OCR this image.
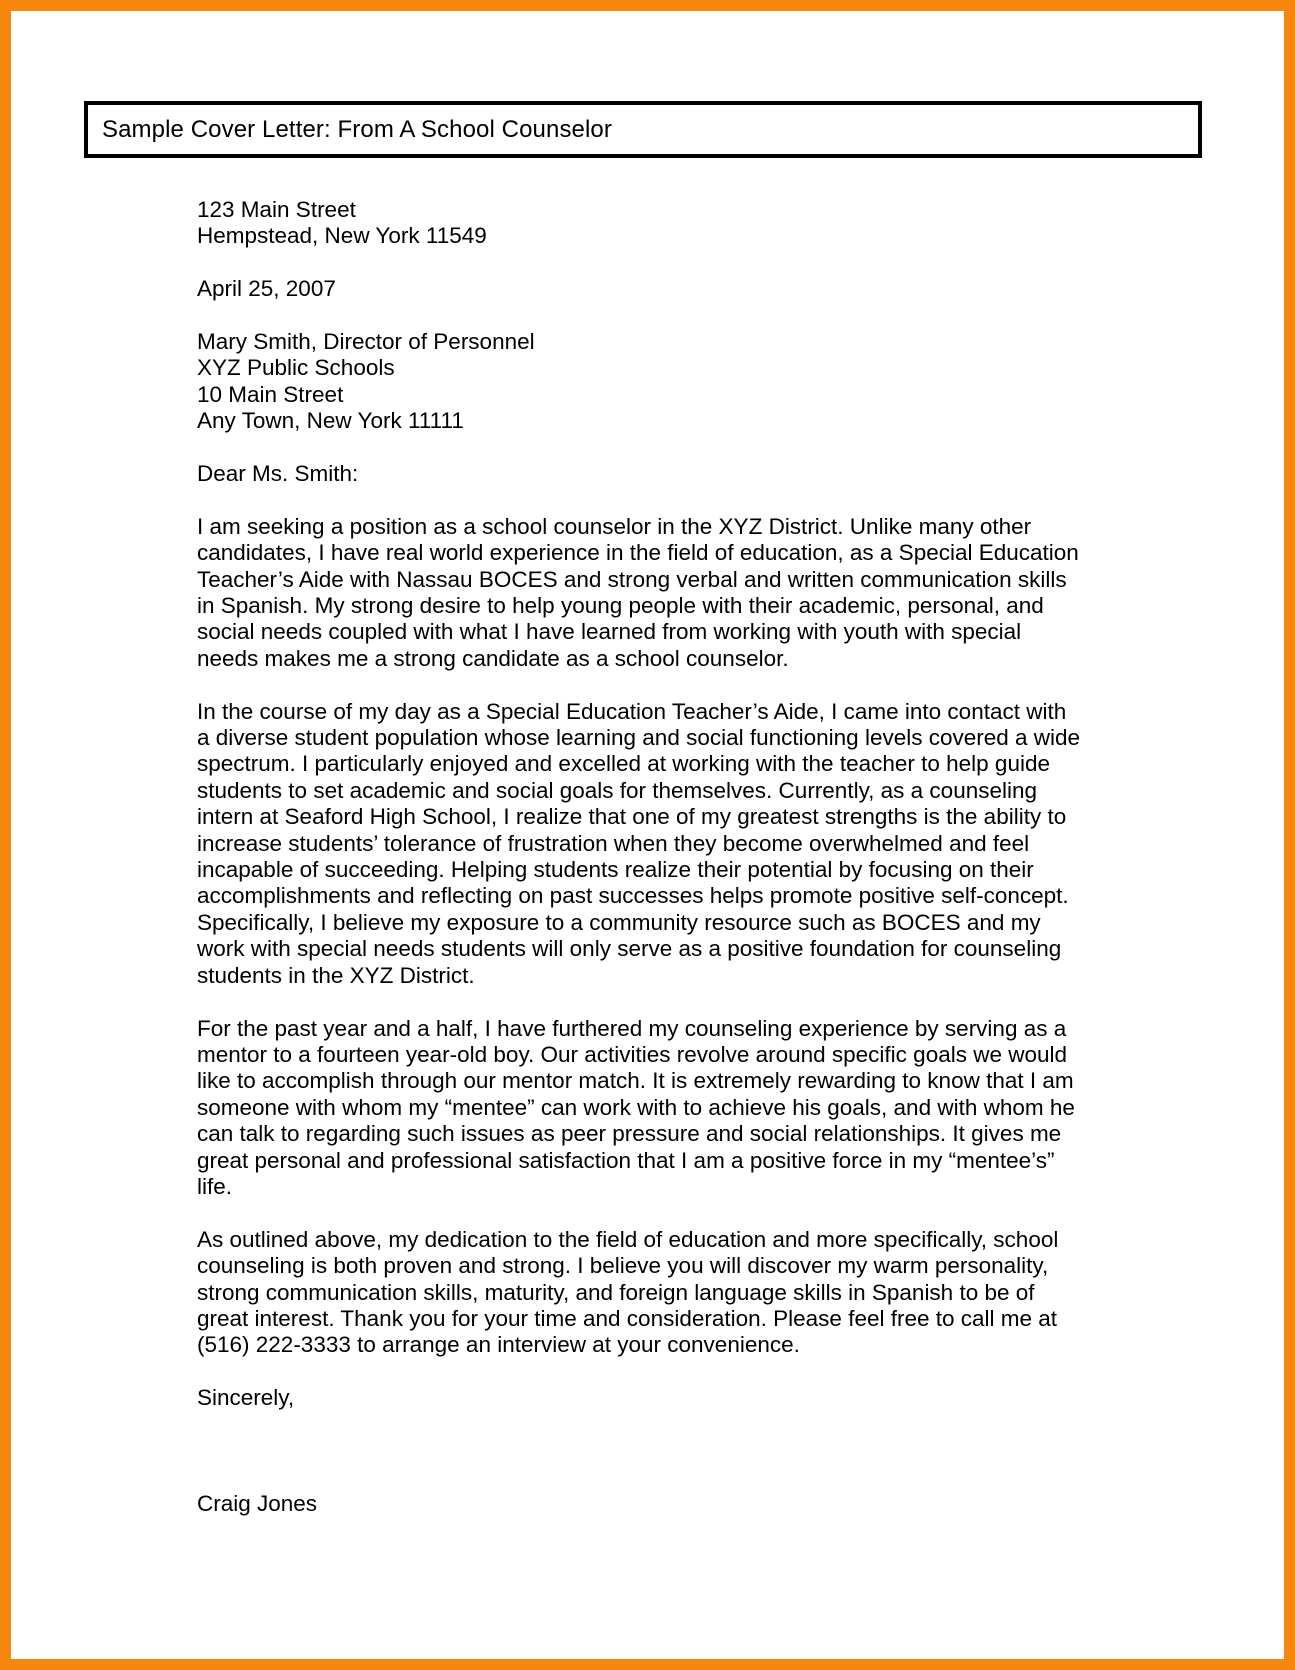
Sample Cover Letter: From A School Counselor
123 Main Street
Hempstead, New York 11549
April 25, 2007
Mary Smith, Director of Personnel
XYZ Public Schools
10 Main Street
Any Town, New York 11111
Dear Ms. Smith:
I am seeking a position as a school counselor in the XYZ District. Unlike many other
candidates, I have real world experience in the field of education, as a Special Education
Teacher’s Aide with Nassau BOCES and strong verbal and written communication skills
in Spanish. My strong desire to help young people with their academic, personal, and
social needs coupled with what I have learned from working with youth with special
needs makes me a strong candidate as a school counselor.
In the course of my day as a Special Education Teacher’s Aide, I came into contact with
a diverse student population whose learning and social functioning levels covered a wide
spectrum. I particularly enjoyed and excelled at working with the teacher to help guide
students to set academic and social goals for themselves. Currently, as a counseling
intern at Seaford High School, I realize that one of my greatest strengths is the ability to
increase students’ tolerance of frustration when they become overwhelmed and feel
incapable of succeeding. Helping students realize their potential by focusing on their
accomplishments and reflecting on past successes helps promote positive self-concept.
Specifically, I believe my exposure to a community resource such as BOCES and my
work with special needs students will only serve as a positive foundation for counseling
students in the XYZ District.
For the past year and a half, I have furthered my counseling experience by serving as a
mentor to a fourteen year-old boy. Our activities revolve around specific goals we would
like to accomplish through our mentor match. It is extremely rewarding to know that I am
someone with whom my “mentee” can work with to achieve his goals, and with whom he
can talk to regarding such issues as peer pressure and social relationships. It gives me
great personal and professional satisfaction that I am a positive force in my “mentee’s”
life.
As outlined above, my dedication to the field of education and more specifically, school
counseling is both proven and strong. I believe you will discover my warm personality,
strong communication skills, maturity, and foreign language skills in Spanish to be of
great interest. Thank you for your time and consideration. Please feel free to call me at
(516) 222-3333 to arrange an interview at your convenience.
Sincerely,
Craig Jones
